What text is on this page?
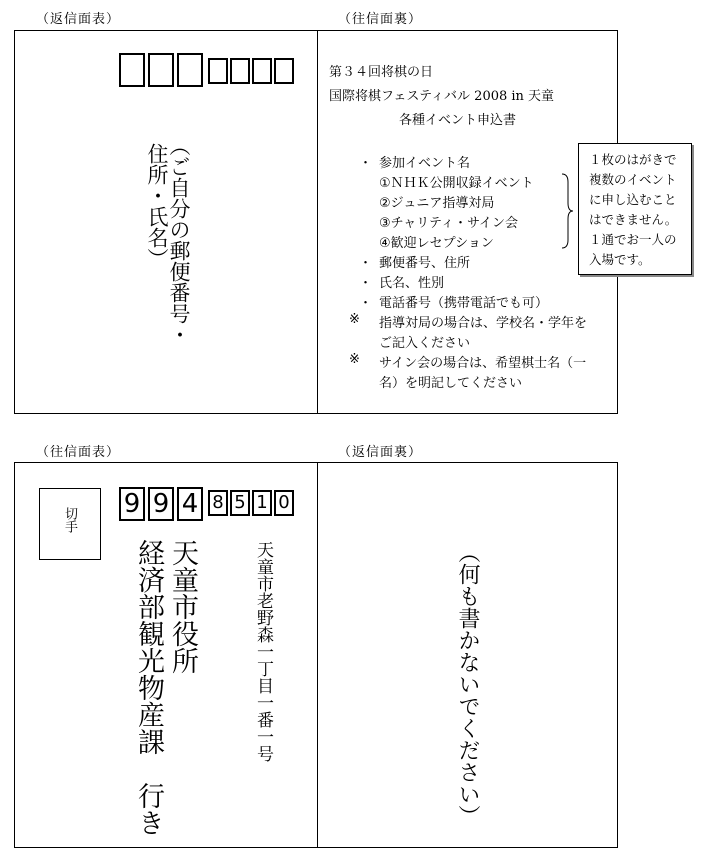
（返信面表）	（往信面裏）
（往信面表）	（返信面裏）
（ご自分の郵便番号・
住所・氏名）
第３４回将棋の日
国際将棋フェスティバル 2008 in 天童
各種イベント申込書
・ 参加イベント名
①ＮＨＫ公開収録イベント
②ジュニア指導対局
③チャリティ・サイン会
④歓迎レセプション
・ 郵便番号、住所
・ 氏名、性別
・ 電話番号（携帯電話でも可）
※ 指導対局の場合は、学校名・学年を
ご記入ください
※ サイン会の場合は、希望棋士名（一
名）を明記してください
１枚のはがきで
複数のイベント
に申し込むこと
はできません。
１通でお一人の
入場です。
切手
9 9 4 8 5 1 0
天童市役所
経済部観光物産課　行き	天童市老野森一丁目一番一号	（何も書かないでください）
